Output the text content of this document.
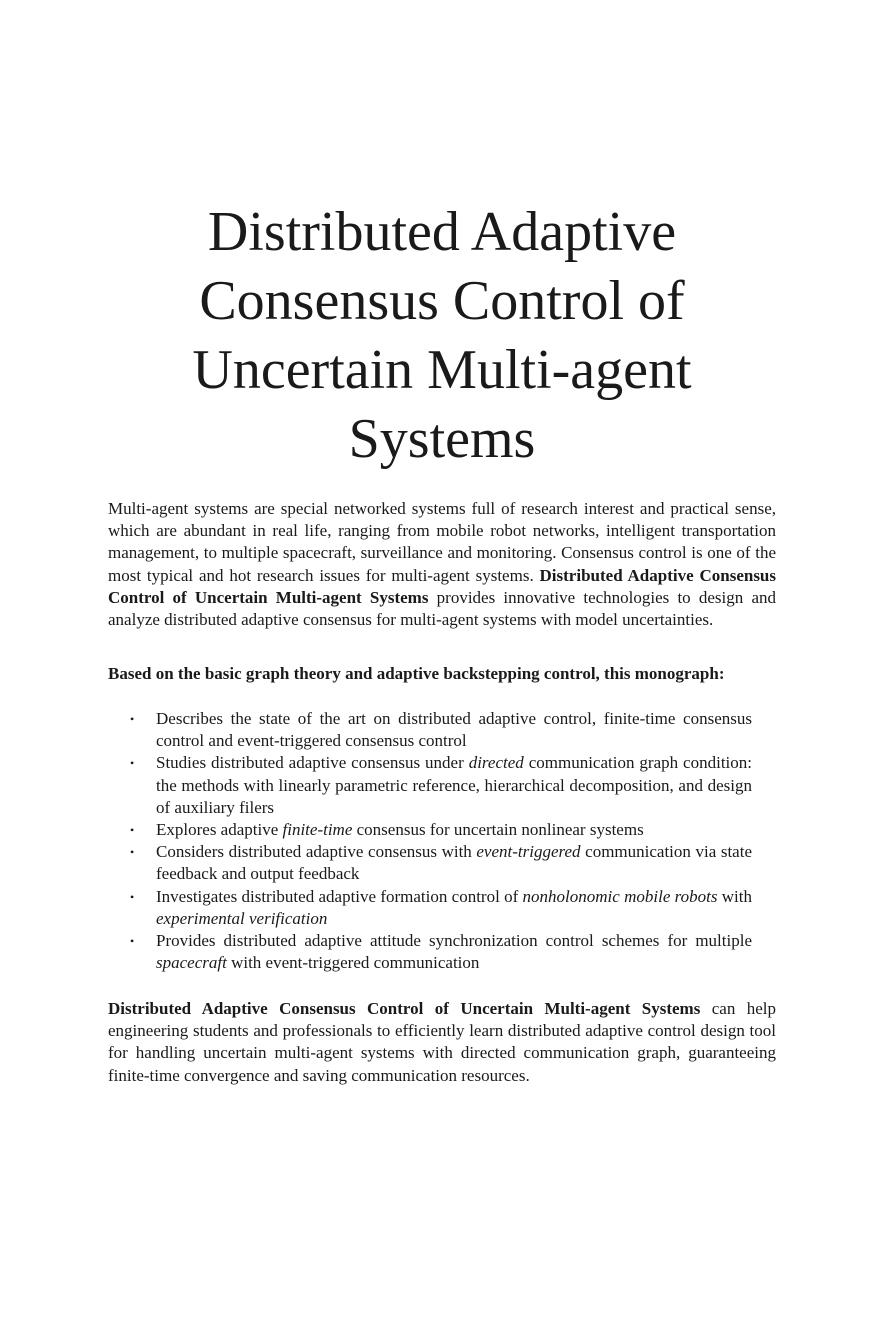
Distributed Adaptive
Consensus Control of
Uncertain Multi-agent
Systems

Multi-agent systems are special networked systems full of research interest and practical sense, which are abundant in real life, ranging from mobile robot networks, intelligent transportation management, to multiple spacecraft, surveillance and monitoring. Consensus control is one of the most typical and hot research issues for multi-agent systems. Distributed Adaptive Consensus Control of Uncertain Multi-agent Systems provides innovative technologies to design and analyze distributed adaptive consensus for multi-agent systems with model uncertainties.

Based on the basic graph theory and adaptive backstepping control, this monograph:

• Describes the state of the art on distributed adaptive control, finite-time consensus control and event-triggered consensus control
• Studies distributed adaptive consensus under directed communication graph condition: the methods with linearly parametric reference, hierarchical decomposition, and design of auxiliary filers
• Explores adaptive finite-time consensus for uncertain nonlinear systems
• Considers distributed adaptive consensus with event-triggered communication via state feedback and output feedback
• Investigates distributed adaptive formation control of nonholonomic mobile robots with experimental verification
• Provides distributed adaptive attitude synchronization control schemes for multiple spacecraft with event-triggered communication

Distributed Adaptive Consensus Control of Uncertain Multi-agent Systems can help engineering students and professionals to efficiently learn distributed adaptive control design tool for handling uncertain multi-agent systems with directed communication graph, guaranteeing finite-time convergence and saving communication resources.
